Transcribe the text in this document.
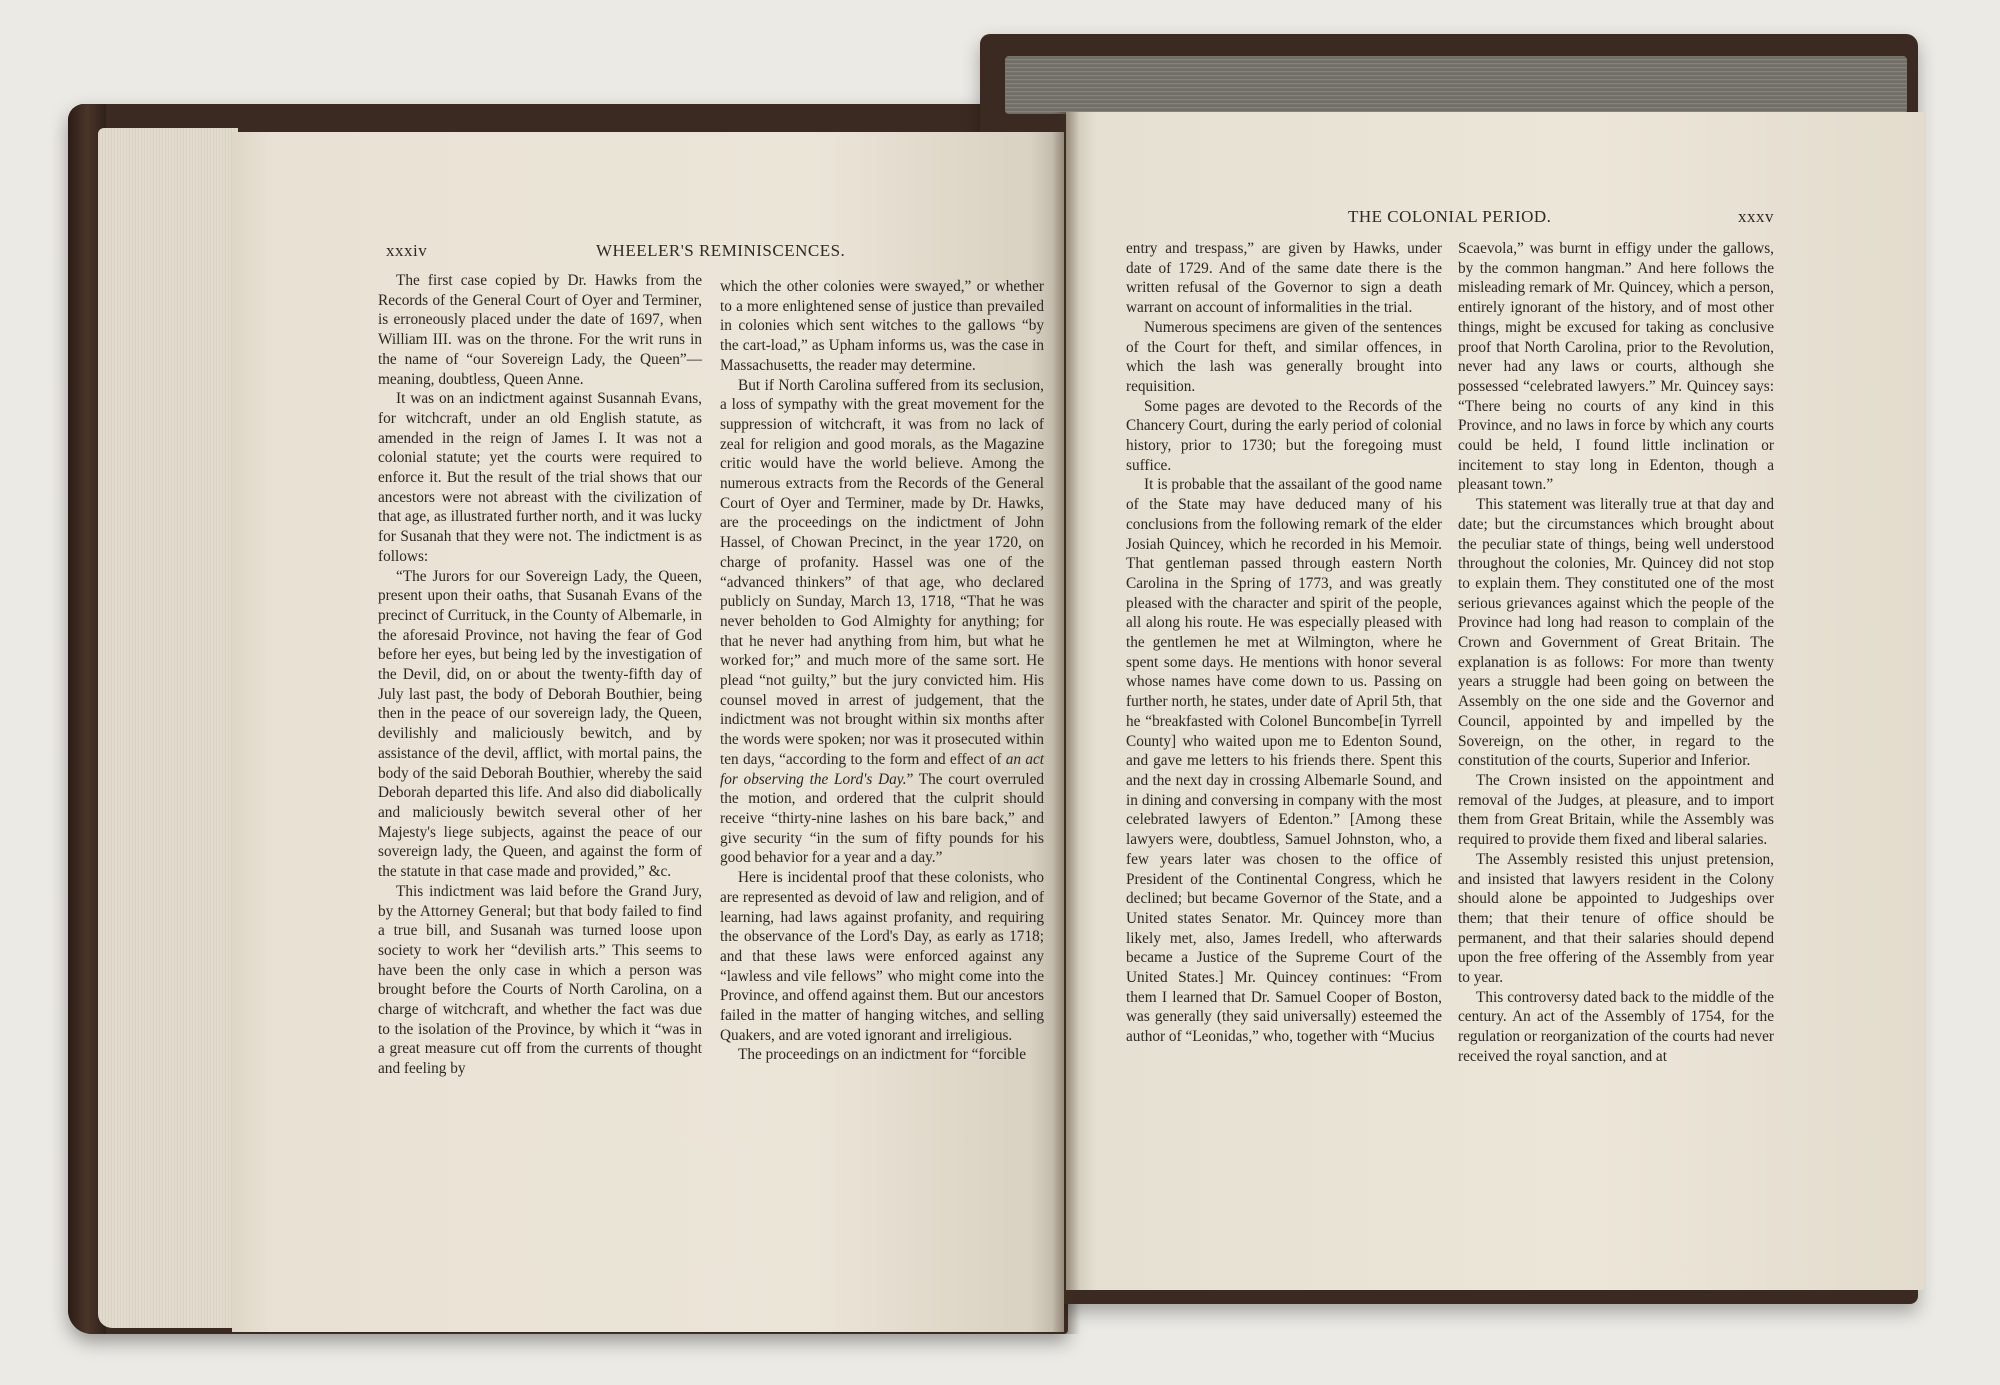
xxxiv	WHEELER'S REMINISCENCES.

The first case copied by Dr. Hawks from the Records of the General Court of Oyer and Terminer, is erroneously placed under the date of 1697, when William III. was on the throne. For the writ runs in the name of “our Sovereign Lady, the Queen”—meaning, doubtless, Queen Anne.

It was on an indictment against Susannah Evans, for witchcraft, under an old English statute, as amended in the reign of James I. It was not a colonial statute; yet the courts were required to enforce it. But the result of the trial shows that our ancestors were not abreast with the civilization of that age, as illustrated further north, and it was lucky for Susanah that they were not. The indictment is as follows:

“The Jurors for our Sovereign Lady, the Queen, present upon their oaths, that Susanah Evans of the precinct of Currituck, in the County of Albemarle, in the aforesaid Province, not having the fear of God before her eyes, but being led by the investigation of the Devil, did, on or about the twenty-fifth day of July last past, the body of Deborah Bouthier, being then in the peace of our sovereign lady, the Queen, devilishly and maliciously bewitch, and by assistance of the devil, afflict, with mortal pains, the body of the said Deborah Bouthier, whereby the said Deborah departed this life. And also did diabolically and maliciously bewitch several other of her Majesty's liege subjects, against the peace of our sovereign lady, the Queen, and against the form of the statute in that case made and provided,” &c.

This indictment was laid before the Grand Jury, by the Attorney General; but that body failed to find a true bill, and Susanah was turned loose upon society to work her “devilish arts.” This seems to have been the only case in which a person was brought before the Courts of North Carolina, on a charge of witchcraft, and whether the fact was due to the isolation of the Province, by which it “was in a great measure cut off from the currents of thought and feeling by

which the other colonies were swayed,” or whether to a more enlightened sense of justice than prevailed in colonies which sent witches to the gallows “by the cart-load,” as Upham informs us, was the case in Massachusetts, the reader may determine.

But if North Carolina suffered from its seclusion, a loss of sympathy with the great movement for the suppression of witchcraft, it was from no lack of zeal for religion and good morals, as the Magazine critic would have the world believe. Among the numerous extracts from the Records of the General Court of Oyer and Terminer, made by Dr. Hawks, are the proceedings on the indictment of John Hassel, of Chowan Precinct, in the year 1720, on charge of profanity. Hassel was one of the “advanced thinkers” of that age, who declared publicly on Sunday, March 13, 1718, “That he was never beholden to God Almighty for anything; for that he never had anything from him, but what he worked for;” and much more of the same sort. He plead “not guilty,” but the jury convicted him. His counsel moved in arrest of judgement, that the indictment was not brought within six months after the words were spoken; nor was it prosecuted within ten days, “according to the form and effect of an act for observing the Lord's Day.” The court overruled the motion, and ordered that the culprit should receive “thirty-nine lashes on his bare back,” and give security “in the sum of fifty pounds for his good behavior for a year and a day.”

Here is incidental proof that these colonists, who are represented as devoid of law and religion, and of learning, had laws against profanity, and requiring the observance of the Lord's Day, as early as 1718; and that these laws were enforced against any “lawless and vile fellows” who might come into the Province, and offend against them. But our ancestors failed in the matter of hanging witches, and selling Quakers, and are voted ignorant and irreligious.

The proceedings on an indictment for “forcible

THE COLONIAL PERIOD.	xxxv

entry and trespass,” are given by Hawks, under date of 1729. And of the same date there is the written refusal of the Governor to sign a death warrant on account of informalities in the trial.

Numerous specimens are given of the sentences of the Court for theft, and similar offences, in which the lash was generally brought into requisition.

Some pages are devoted to the Records of the Chancery Court, during the early period of colonial history, prior to 1730; but the foregoing must suffice.

It is probable that the assailant of the good name of the State may have deduced many of his conclusions from the following remark of the elder Josiah Quincey, which he recorded in his Memoir. That gentleman passed through eastern North Carolina in the Spring of 1773, and was greatly pleased with the character and spirit of the people, all along his route. He was especially pleased with the gentlemen he met at Wilmington, where he spent some days. He mentions with honor several whose names have come down to us. Passing on further north, he states, under date of April 5th, that he “breakfasted with Colonel Buncombe[in Tyrrell County] who waited upon me to Edenton Sound, and gave me letters to his friends there. Spent this and the next day in crossing Albemarle Sound, and in dining and conversing in company with the most celebrated lawyers of Edenton.” [Among these lawyers were, doubtless, Samuel Johnston, who, a few years later was chosen to the office of President of the Continental Congress, which he declined; but became Governor of the State, and a United states Senator. Mr. Quincey more than likely met, also, James Iredell, who afterwards became a Justice of the Supreme Court of the United States.] Mr. Quincey continues: “From them I learned that Dr. Samuel Cooper of Boston, was generally (they said universally) esteemed the author of “Leonidas,” who, together with “Mucius

Scaevola,” was burnt in effigy under the gallows, by the common hangman.” And here follows the misleading remark of Mr. Quincey, which a person, entirely ignorant of the history, and of most other things, might be excused for taking as conclusive proof that North Carolina, prior to the Revolution, never had any laws or courts, although she possessed “celebrated lawyers.” Mr. Quincey says: “There being no courts of any kind in this Province, and no laws in force by which any courts could be held, I found little inclination or incitement to stay long in Edenton, though a pleasant town.”

This statement was literally true at that day and date; but the circumstances which brought about the peculiar state of things, being well understood throughout the colonies, Mr. Quincey did not stop to explain them. They constituted one of the most serious grievances against which the people of the Province had long had reason to complain of the Crown and Government of Great Britain. The explanation is as follows: For more than twenty years a struggle had been going on between the Assembly on the one side and the Governor and Council, appointed by and impelled by the Sovereign, on the other, in regard to the constitution of the courts, Superior and Inferior.

The Crown insisted on the appointment and removal of the Judges, at pleasure, and to import them from Great Britain, while the Assembly was required to provide them fixed and liberal salaries.

The Assembly resisted this unjust pretension, and insisted that lawyers resident in the Colony should alone be appointed to Judgeships over them; that their tenure of office should be permanent, and that their salaries should depend upon the free offering of the Assembly from year to year.

This controversy dated back to the middle of the century. An act of the Assembly of 1754, for the regulation or reorganization of the courts had never received the royal sanction, and at
